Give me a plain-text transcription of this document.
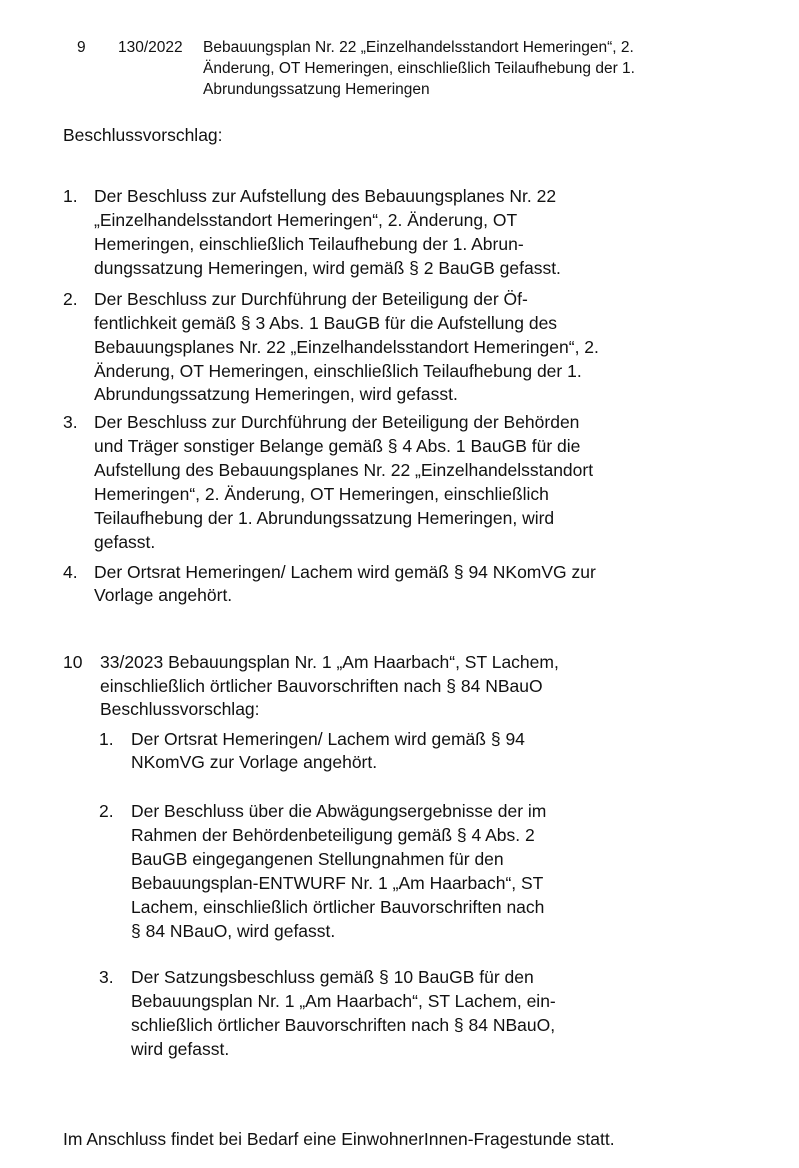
9 130/2022 Bebauungsplan Nr. 22 „Einzelhandelsstandort Hemeringen“, 2.
Änderung, OT Hemeringen, einschließlich Teilaufhebung der 1.
Abrundungssatzung Hemeringen
Beschlussvorschlag:
1. Der Beschluss zur Aufstellung des Bebauungsplanes Nr. 22
„Einzelhandelsstandort Hemeringen“, 2. Änderung, OT
Hemeringen, einschließlich Teilaufhebung der 1. Abrun-
dungssatzung Hemeringen, wird gemäß § 2 BauGB gefasst.
2. Der Beschluss zur Durchführung der Beteiligung der Öf-
fentlichkeit gemäß § 3 Abs. 1 BauGB für die Aufstellung des
Bebauungsplanes Nr. 22 „Einzelhandelsstandort Hemeringen“, 2.
Änderung, OT Hemeringen, einschließlich Teilaufhebung der 1.
Abrundungssatzung Hemeringen, wird gefasst.
3. Der Beschluss zur Durchführung der Beteiligung der Behörden
und Träger sonstiger Belange gemäß § 4 Abs. 1 BauGB für die
Aufstellung des Bebauungsplanes Nr. 22 „Einzelhandelsstandort
Hemeringen“, 2. Änderung, OT Hemeringen, einschließlich
Teilaufhebung der 1. Abrundungssatzung Hemeringen, wird
gefasst.
4. Der Ortsrat Hemeringen/ Lachem wird gemäß § 94 NKomVG zur
Vorlage angehört.
10 33/2023 Bebauungsplan Nr. 1 „Am Haarbach“, ST Lachem,
einschließlich örtlicher Bauvorschriften nach § 84 NBauO
Beschlussvorschlag:
1. Der Ortsrat Hemeringen/ Lachem wird gemäß § 94
NKomVG zur Vorlage angehört.
2. Der Beschluss über die Abwägungsergebnisse der im
Rahmen der Behördenbeteiligung gemäß § 4 Abs. 2
BauGB eingegangenen Stellungnahmen für den
Bebauungsplan-ENTWURF Nr. 1 „Am Haarbach“, ST
Lachem, einschließlich örtlicher Bauvorschriften nach
§ 84 NBauO, wird gefasst.
3. Der Satzungsbeschluss gemäß § 10 BauGB für den
Bebauungsplan Nr. 1 „Am Haarbach“, ST Lachem, ein-
schließlich örtlicher Bauvorschriften nach § 84 NBauO,
wird gefasst.
Im Anschluss findet bei Bedarf eine EinwohnerInnen-Fragestunde statt.
